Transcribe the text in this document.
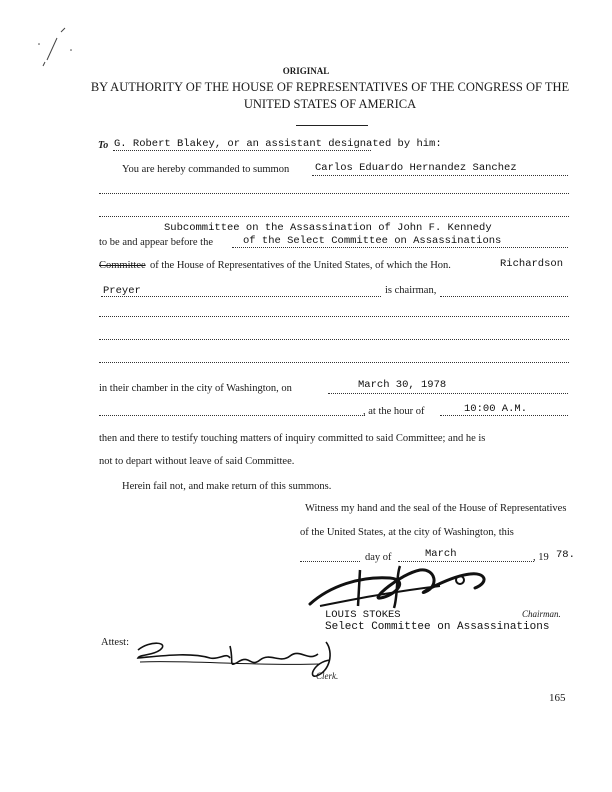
ORIGINAL
BY AUTHORITY OF THE HOUSE OF REPRESENTATIVES OF THE CONGRESS OF THE
UNITED STATES OF AMERICA
To G. Robert Blakey, or an assistant designated by him:
You are hereby commanded to summon Carlos Eduardo Hernandez Sanchez
Subcommittee on the Assassination of John F. Kennedy
to be and appear before the	of the Select Committee on Assassinations
Committee of the House of Representatives of the United States, of which the Hon.	Richardson
Preyer	is chairman,
in their chamber in the city of Washington, on	March 30, 1978
, at the hour of	10:00 A.M.
then and there to testify touching matters of inquiry committed to said Committee; and he is
not to depart without leave of said Committee.
Herein fail not, and make return of this summons.
Witness my hand and the seal of the House of Representatives
of the United States, at the city of Washington, this
day of	March	, 19 78.
LOUIS STOKES	Chairman.
Select Committee on Assassinations
Attest:
Clerk.
165
